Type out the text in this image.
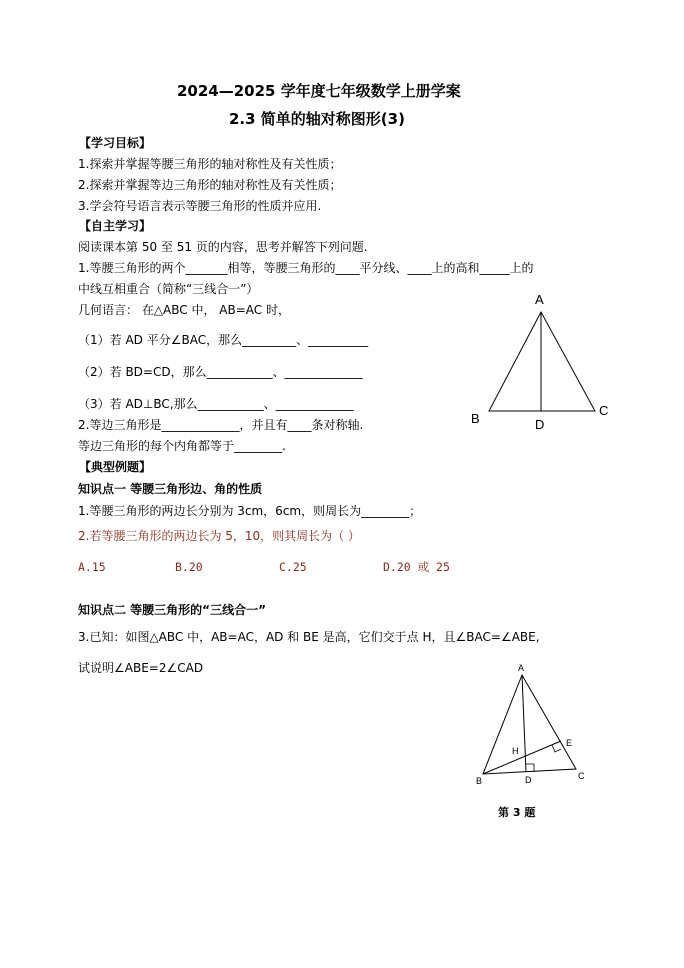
2024—2025 学年度七年级数学上册学案
2.3 简单的轴对称图形(3)
【学习目标】
1.探索并掌握等腰三角形的轴对称性及有关性质；
2.探索并掌握等边三角形的轴对称性及有关性质；
3.学会符号语言表示等腰三角形的性质并应用.
【自主学习】
阅读课本第 50 至 51 页的内容，思考并解答下列问题.
1.等腰三角形的两个_______相等，等腰三角形的____平分线、____上的高和_____上的
中线互相重合（简称“三线合一”）
几何语言： 在△ABC 中， AB=AC 时，
（1）若 AD 平分∠BAC，那么_________、__________
（2）若 BD=CD，那么___________、_____________
（3）若 AD⊥BC,那么___________、_____________
2.等边三角形是_____________，并且有____条对称轴.
等边三角形的每个内角都等于________.
A
B
C
D
【典型例题】
知识点一 等腰三角形边、角的性质
1.等腰三角形的两边长分别为 3cm，6cm，则周长为________；
2.若等腰三角形的两边长为 5，10，则其周长为（ ）
A.15	B.20	C.25	D.20 或 25
知识点二 等腰三角形的“三线合一”
3.已知：如图△ABC 中，AB=AC，AD 和 BE 是高，它们交于点 H，且∠BAC=∠ABE,
试说明∠ABE=2∠CAD	A
B	C
D
E
H
第 3 题
